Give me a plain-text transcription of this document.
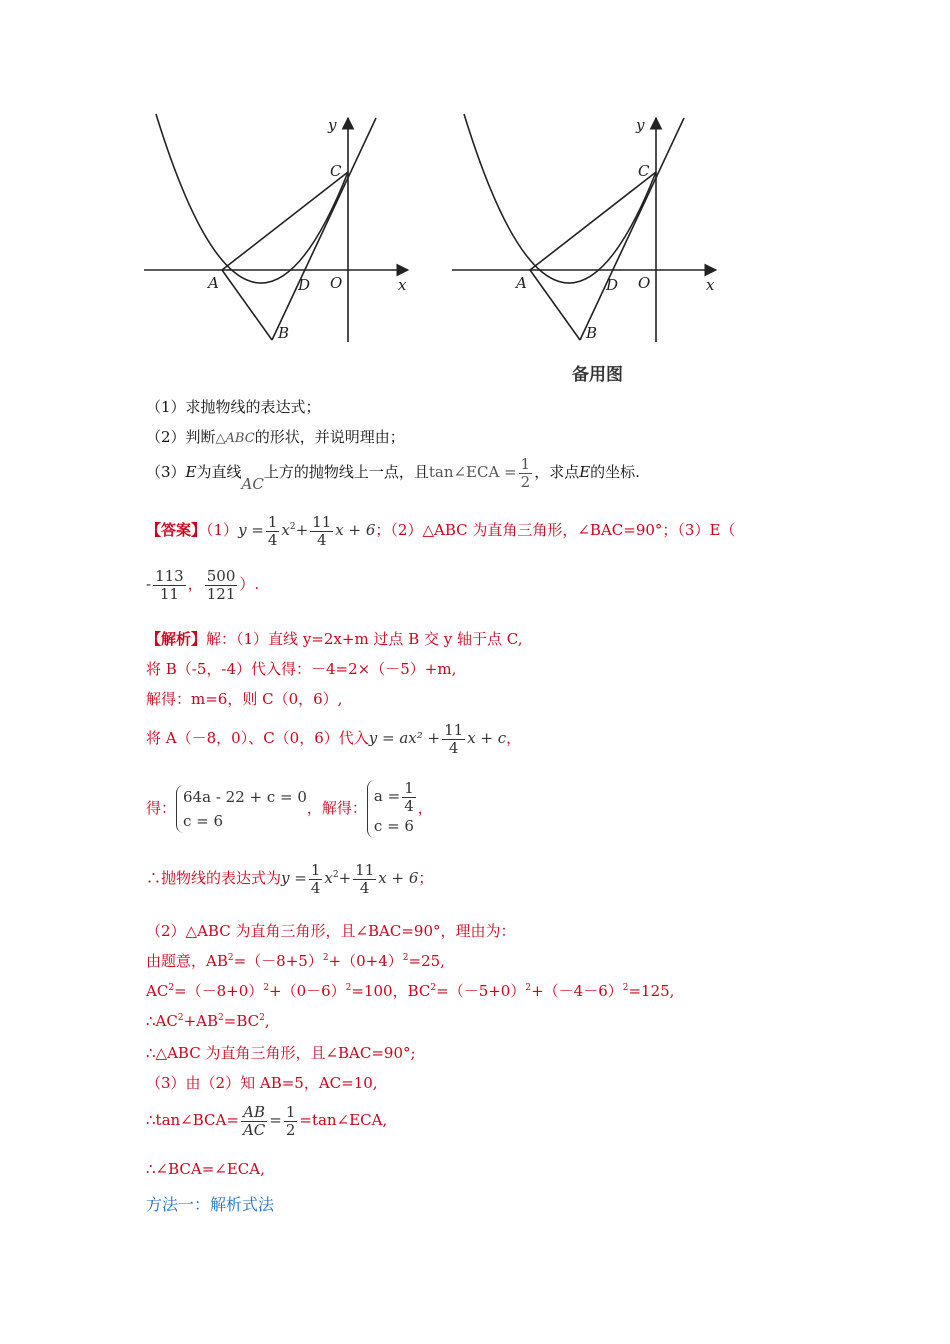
y
x
C
A	D O
B
y
x
C
A	D O
B
备用图
（1）求抛物线的表达式；
（2）判断△ABC的形状，并说明理由；
（3）E为直线AC上方的抛物线上一点，且tan∠ECA = $\frac{1}{2}$ ，求点E的坐标.
【答案】$(1)y = \frac{1}{4} x^2+ \frac{11}{4}$ x + 6；（2）△ABC 为直角三角形，∠BAC=90°；（3）E（
- $\frac{113}{11}$ ， $\frac{500}{121}$ ）.
【解析】解：（1）直线 y=2x+m 过点 B 交 y 轴于点 C,
将 B（-5，-4）代入得：－4=2×（－5）+m,
解得：m=6，则 C（0，6）,
将 A（－8，0）、C（0，6）代入$y = ax^2 + \frac{11}{4}$ x + c，
得：64a - 22 + c = 0
c = 6，解得：$a = \frac{1}{4}$

c = 6，
∴抛物线的表达式为$y = \frac{1}{4} x^2+ \frac{11}{4}$ x + 6；
（2）△ABC 为直角三角形，且∠BAC=90°，理由为：
由题意，$AB^2=(-8+5)^2+(0+4)^2=25$,
$AC^2=(-8+0)^2+(0-6)^2=100$，$BC^2=(-5+0)^2+(-4-6)^2=125$,
$\therefore AC^2+AB^2=BC^2$,
∴△ABC 为直角三角形，且∠BAC=90°;
（3）由（2）知 AB=5，AC=10,
∴tan∠BCA= $\frac{AB}{AC} = \frac{1}{2}$ =tan∠ECA,
∴∠BCA=∠ECA,
方法一：解析式法
